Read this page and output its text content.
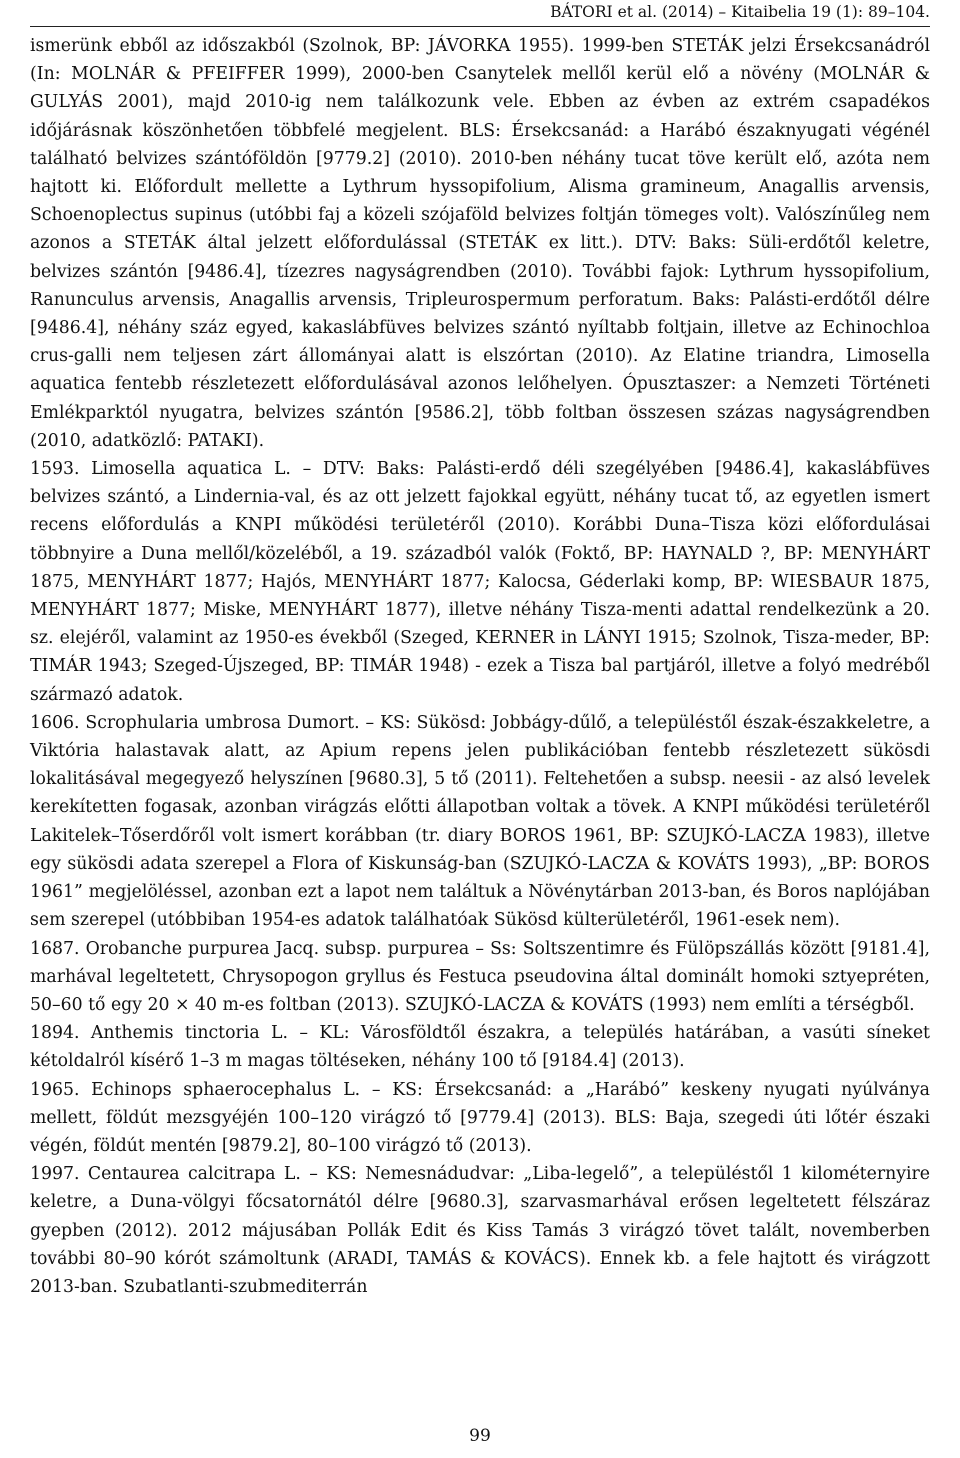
BÁTORI et al. (2014) – Kitaibelia 19 (1): 89–104.

ismerünk ebből az időszakból (Szolnok, BP: JÁVORKA 1955). 1999-ben STETÁK jelzi Érsekcsanádról (In: MOLNÁR & PFEIFFER 1999), 2000-ben Csanytelek mellől kerül elő a növény (MOLNÁR & GULYÁS 2001), majd 2010-ig nem találkozunk vele. Ebben az évben az extrém csapadékos időjárásnak köszönhetően többfelé megjelent. BLS: Érsekcsanád: a Harábó északnyugati végénél található belvizes szántóföldön [9779.2] (2010). 2010-ben néhány tucat töve került elő, azóta nem hajtott ki. Előfordult mellette a Lythrum hyssopifolium, Alisma gramineum, Anagallis arvensis, Schoenoplectus supinus (utóbbi faj a közeli szójaföld belvizes foltján tömeges volt). Valószínűleg nem azonos a STETÁK által jelzett előfordulással (STETÁK ex litt.). DTV: Baks: Süli-erdőtől keletre, belvizes szántón [9486.4], tízezres nagyságrendben (2010). További fajok: Lythrum hyssopifolium, Ranunculus arvensis, Anagallis arvensis, Tripleurospermum perforatum. Baks: Palásti-erdőtől délre [9486.4], néhány száz egyed, kakaslábfüves belvizes szántó nyíltabb foltjain, illetve az Echinochloa crus-galli nem teljesen zárt állományai alatt is elszórtan (2010). Az Elatine triandra, Limosella aquatica fentebb részletezett előfordulásával azonos lelőhelyen. Ópusztaszer: a Nemzeti Történeti Emlékparktól nyugatra, belvizes szántón [9586.2], több foltban összesen százas nagyságrendben (2010, adatközlő: PATAKI).

1593. Limosella aquatica L. – DTV: Baks: Palásti-erdő déli szegélyében [9486.4], kakaslábfüves belvizes szántó, a Lindernia-val, és az ott jelzett fajokkal együtt, néhány tucat tő, az egyetlen ismert recens előfordulás a KNPI működési területéről (2010). Korábbi Duna–Tisza közi előfordulásai többnyire a Duna mellől/közeléből, a 19. századból valók (Foktő, BP: HAYNALD ?, BP: MENYHÁRT 1875, MENYHÁRT 1877; Hajós, MENYHÁRT 1877; Kalocsa, Géderlaki komp, BP: WIESBAUR 1875, MENYHÁRT 1877; Miske, MENYHÁRT 1877), illetve néhány Tisza-menti adattal rendelkezünk a 20. sz. elejéről, valamint az 1950-es évekből (Szeged, KERNER in LÁNYI 1915; Szolnok, Tisza-meder, BP: TIMÁR 1943; Szeged-Újszeged, BP: TIMÁR 1948) - ezek a Tisza bal partjáról, illetve a folyó medréből származó adatok.

1606. Scrophularia umbrosa Dumort. – KS: Sükösd: Jobbágy-dűlő, a településtől észak-északkeletre, a Viktória halastavak alatt, az Apium repens jelen publikációban fentebb részletezett sükösdi lokalitásával megegyező helyszínen [9680.3], 5 tő (2011). Feltehetően a subsp. neesii - az alsó levelek kerekítetten fogasak, azonban virágzás előtti állapotban voltak a tövek. A KNPI működési területéről Lakitelek–Tőserdőről volt ismert korábban (tr. diary BOROS 1961, BP: SZUJKÓ-LACZA 1983), illetve egy sükösdi adata szerepel a Flora of Kiskunság-ban (SZUJKÓ-LACZA & KOVÁTS 1993), „BP: BOROS 1961” megjelöléssel, azonban ezt a lapot nem találtuk a Növénytárban 2013-ban, és Boros naplójában sem szerepel (utóbbiban 1954-es adatok találhatóak Sükösd külterületéről, 1961-esek nem).

1687. Orobanche purpurea Jacq. subsp. purpurea – Ss: Soltszentimre és Fülöpszállás között [9181.4], marhával legeltetett, Chrysopogon gryllus és Festuca pseudovina által dominált homoki sztyepréten, 50–60 tő egy 20 × 40 m-es foltban (2013). SZUJKÓ-LACZA & KOVÁTS (1993) nem említi a térségből.

1894. Anthemis tinctoria L. – KL: Városföldtől északra, a település határában, a vasúti síneket kétoldalról kísérő 1–3 m magas töltéseken, néhány 100 tő [9184.4] (2013).

1965. Echinops sphaerocephalus L. – KS: Érsekcsanád: a „Harábó” keskeny nyugati nyúlványa mellett, földút mezsgyéjén 100–120 virágzó tő [9779.4] (2013). BLS: Baja, szegedi úti lőtér északi végén, földút mentén [9879.2], 80–100 virágzó tő (2013).

1997. Centaurea calcitrapa L. – KS: Nemesnádudvar: „Liba-legelő”, a településtől 1 kilométernyire keletre, a Duna-völgyi főcsatornától délre [9680.3], szarvasmarhával erősen legeltetett félszáraz gyepben (2012). 2012 májusában Pollák Edit és Kiss Tamás 3 virágzó tövet talált, novemberben további 80–90 kórót számoltunk (ARADI, TAMÁS & KOVÁCS). Ennek kb. a fele hajtott és virágzott 2013-ban. Szubatlanti-szubmediterrán

99
